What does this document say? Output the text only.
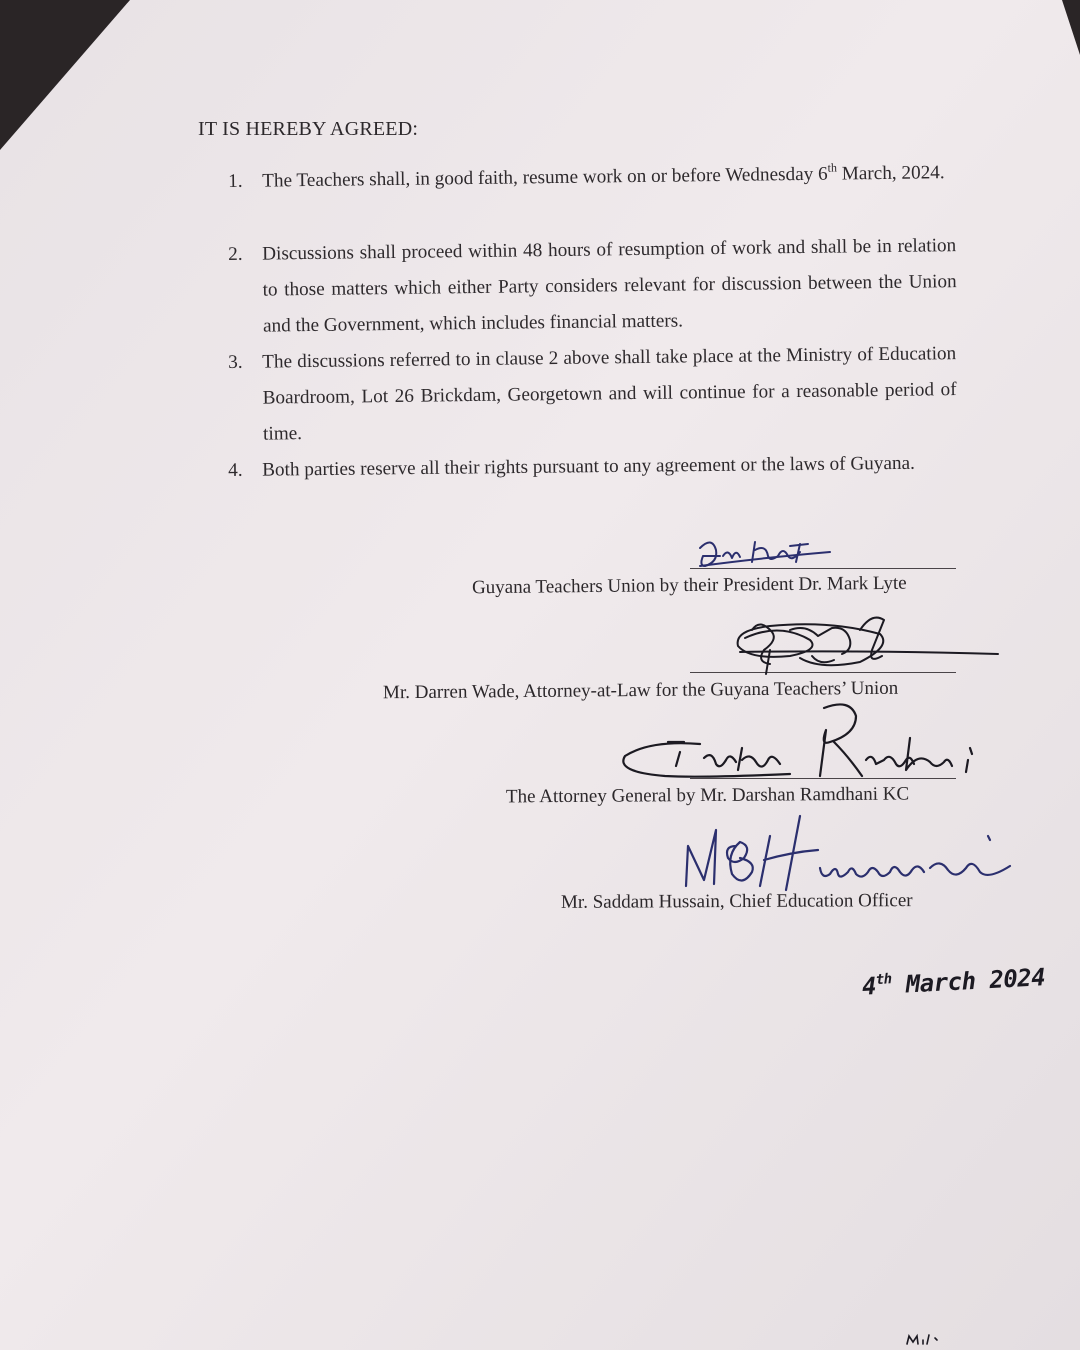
IT IS HEREBY AGREED:
1. The Teachers shall, in good faith, resume work on or before Wednesday 6th March, 2024.
2. Discussions shall proceed within 48 hours of resumption of work and shall be in relation to those matters which either Party considers relevant for discussion between the Union and the Government, which includes financial matters.
3. The discussions referred to in clause 2 above shall take place at the Ministry of Education Boardroom, Lot 26 Brickdam, Georgetown and will continue for a reasonable period of time.
4. Both parties reserve all their rights pursuant to any agreement or the laws of Guyana.
Guyana Teachers Union by their President Dr. Mark Lyte
Mr. Darren Wade, Attorney-at-Law for the Guyana Teachers’ Union
The Attorney General by Mr. Darshan Ramdhani KC
Mr. Saddam Hussain, Chief Education Officer
4th March 2024
